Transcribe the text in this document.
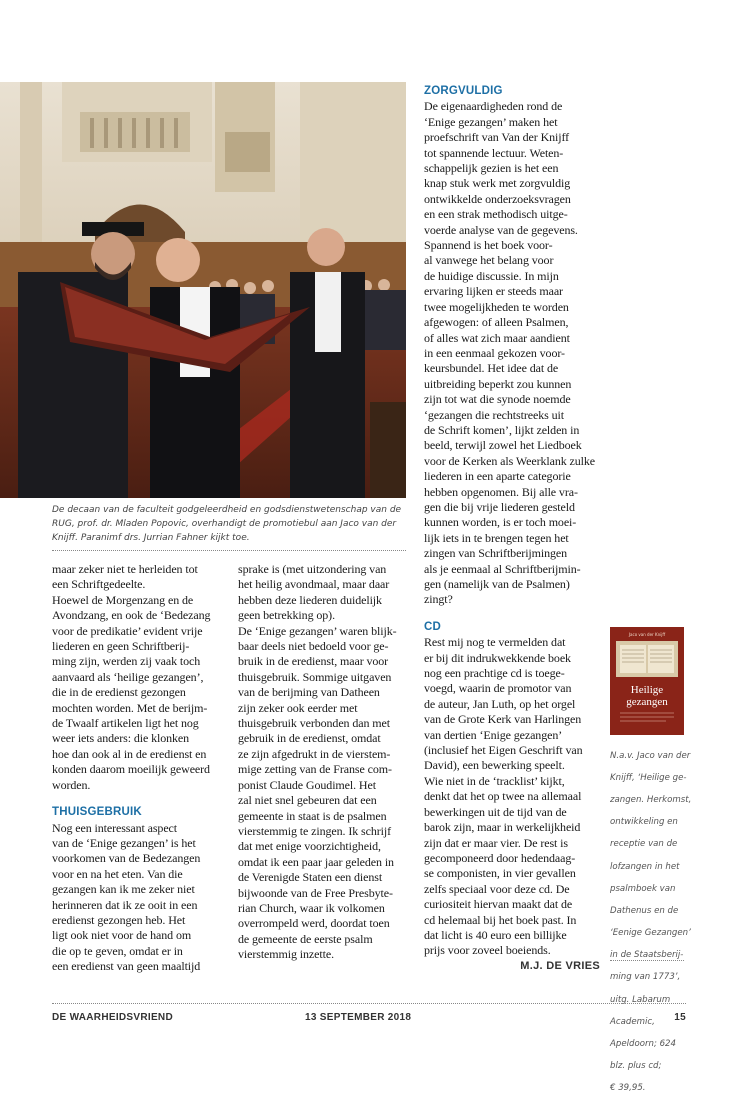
De decaan van de faculteit godgeleerdheid en godsdienstwetenschap van de RUG, prof. dr. Mladen Popovic, overhandigt de promotiebul aan Jaco van der Knijff. Paranimf drs. Jurrian Fahner kijkt toe.

maar zeker niet te herleiden tot

een Schriftgedeelte.

Hoewel de Morgenzang en de

Avondzang, en ook de ‘Bedezang

voor de predikatie’ evident vrije

liederen en geen Schriftberij-

ming zijn, werden zij vaak toch

aanvaard als ‘heilige gezangen’,

die in de eredienst gezongen

mochten worden. Met de berijm-

de Twaalf artikelen ligt het nog

weer iets anders: die klonken

hoe dan ook al in de eredienst en

konden daarom moeilijk geweerd

worden.

THUISGEBRUIK

Nog een interessant aspect

van de ‘Enige gezangen’ is het

voorkomen van de Bedezangen

voor en na het eten. Van die

gezangen kan ik me zeker niet

herinneren dat ik ze ooit in een

eredienst gezongen heb. Het

ligt ook niet voor de hand om

die op te geven, omdat er in

een eredienst van geen maaltijd

sprake is (met uitzondering van

het heilig avondmaal, maar daar

hebben deze liederen duidelijk

geen betrekking op).

De ‘Enige gezangen’ waren blijk-

baar deels niet bedoeld voor ge-

bruik in de eredienst, maar voor

thuisgebruik. Sommige uitgaven

van de berijming van Datheen

zijn zeker ook eerder met

thuisgebruik verbonden dan met

gebruik in de eredienst, omdat

ze zijn afgedrukt in de vierstem-

mige zetting van de Franse com-

ponist Claude Goudimel. Het

zal niet snel gebeuren dat een

gemeente in staat is de psalmen

vierstemmig te zingen. Ik schrijf

dat met enige voorzichtigheid,

omdat ik een paar jaar geleden in

de Verenigde Staten een dienst

bijwoonde van de Free Presbyte-

rian Church, waar ik volkomen

overrompeld werd, doordat toen

de gemeente de eerste psalm

vierstemmig inzette.

ZORGVULDIG

De eigenaardigheden rond de

‘Enige gezangen’ maken het

proefschrift van Van der Knijff

tot spannende lectuur. Weten-

schappelijk gezien is het een

knap stuk werk met zorgvuldig

ontwikkelde onderzoeksvragen

en een strak methodisch uitge-

voerde analyse van de gegevens.

Spannend is het boek voor-

al vanwege het belang voor

de huidige discussie. In mijn

ervaring lijken er steeds maar

twee mogelijkheden te worden

afgewogen: of alleen Psalmen,

of alles wat zich maar aandient

in een eenmaal gekozen voor-

keursbundel. Het idee dat de

uitbreiding beperkt zou kunnen

zijn tot wat die synode noemde

‘gezangen die rechtstreeks uit

de Schrift komen’, lijkt zelden in

beeld, terwijl zowel het Liedboek

voor de Kerken als Weerklank zulke

liederen in een aparte categorie

hebben opgenomen. Bij alle vra-

gen die bij vrije liederen gesteld

kunnen worden, is er toch moei-

lijk iets in te brengen tegen het

zingen van Schriftberijmingen

als je eenmaal al Schriftberijmin-

gen (namelijk van de Psalmen)

zingt?

CD

Rest mij nog te vermelden dat

er bij dit indrukwekkende boek

nog een prachtige cd is toege-

voegd, waarin de promotor van

de auteur, Jan Luth, op het orgel

van de Grote Kerk van Harlingen

van dertien ‘Enige gezangen’

(inclusief het Eigen Geschrift van

David), een bewerking speelt.

Wie niet in de ‘tracklist’ kijkt,

denkt dat het op twee na allemaal

bewerkingen uit de tijd van de

barok zijn, maar in werkelijkheid

zijn dat er maar vier. De rest is

gecomponeerd door hedendaag-

se componisten, in vier gevallen

zelfs speciaal voor deze cd. De

curiositeit hiervan maakt dat de

cd helemaal bij het boek past. In

dat licht is 40 euro een billijke

prijs voor zoveel boeiends.

M.J. DE VRIES
Jaco van der Knijff
Heilige
gezangen

N.a.v. Jaco van der

Knijff, ‘Heilige ge-

zangen. Herkomst,

ontwikkeling en

receptie van de

lofzangen in het

psalmboek van

Dathenus en de

‘Eenige Gezangen’

in de Staatsberij-

ming van 1773’,

uitg. Labarum

Academic,

Apeldoorn; 624

blz. plus cd;

€ 39,95.

DE WAARHEIDSVRIEND	13 SEPTEMBER 2018	15
